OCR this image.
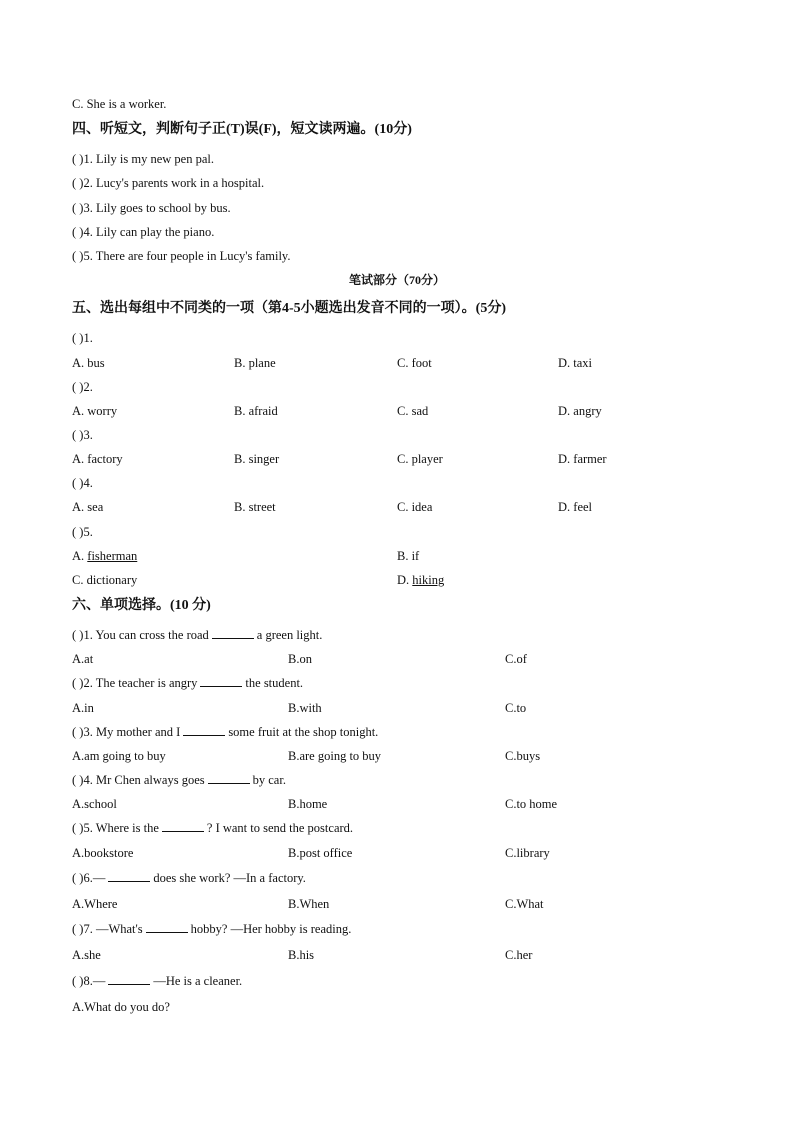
C. She is a worker.
四、听短文，判断句子正(T)误(F)，短文读两遍。(10分)
( )1. Lily is my new pen pal.
( )2. Lucy's parents work in a hospital.
( )3. Lily goes to school by bus.
( )4. Lily can play the piano.
( )5. There are four people in Lucy's family.
笔试部分（70分）
五、选出每组中不同类的一项（第4-5小题选出发音不同的一项）。(5分)
( )1.
A. bus	B. plane	C. foot	D. taxi
( )2.
A. worry	B. afraid	C. sad	D. angry
( )3.
A. factory	B. singer	C. player	D. farmer
( )4.
A. sea	B. street	C. idea	D. feel
( )5.
A. fisherman	B. if
C. dictionary	D. hiking
六、单项选择。(10 分)
( )1. You can cross the road	a green light.
A.at	B.on	C.of
( )2. The teacher is angry	the student.
A.in	B.with	C.to
( )3. My mother and I	some fruit at the shop tonight.
A.am going to buy	B.are going to buy	C.buys
( )4. Mr Chen always goes	by car.
A.school	B.home	C.to home
( )5. Where is the	? I want to send the postcard.
A.bookstore	B.post office	C.library
( )6.—	does she work? —In a factory.
A.Where	B.When	C.What
( )7. —What's	hobby? —Her hobby is reading.
A.she	B.his	C.her
( )8.—	—He is a cleaner.
A.What do you do?
